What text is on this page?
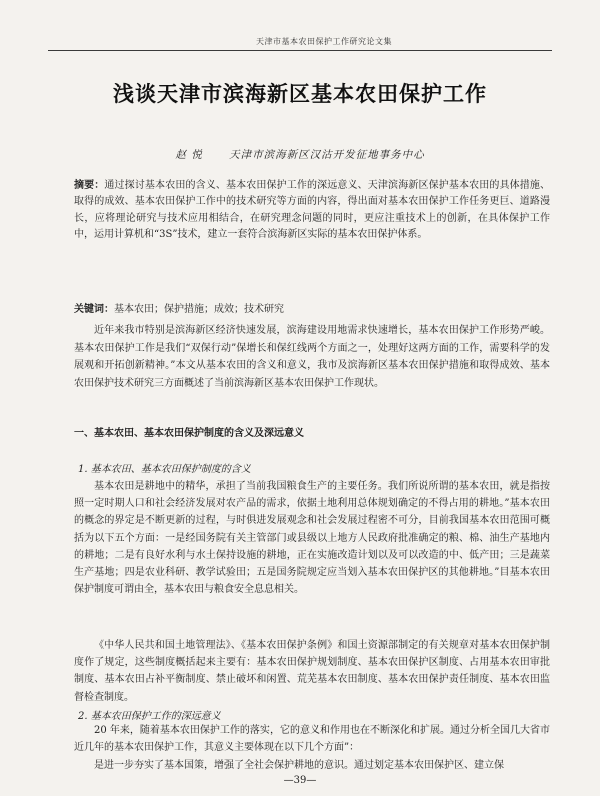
天津市基本农田保护工作研究论文集
浅谈天津市滨海新区基本农田保护工作
赵 悦	天津市滨海新区汉沽开发征地事务中心
摘要：通过探讨基本农田的含义、基本农田保护工作的深远意义、天津滨海新区保护基本农田的具体措施、取得的成效、基本农田保护工作中的技术研究等方面的内容，得出面对基本农田保护工作任务更巨、道路漫长，应将理论研究与技术应用相结合，在研究理念问题的同时，更应注重技术上的创新，在具体保护工作中，运用计算机和“3S”技术，建立一套符合滨海新区实际的基本农田保护体系。
关键词：基本农田；保护措施；成效；技术研究
近年来我市特别是滨海新区经济快速发展，滨海建设用地需求快速增长，基本农田保护工作形势严峻。基本农田保护工作是我们“双保行动”保增长和保红线两个方面之一，处理好这两方面的工作，需要科学的发展观和开拓创新精神。”本文从基本农田的含义和意义，我市及滨海新区基本农田保护措施和取得成效、基本农田保护技术研究三方面概述了当前滨海新区基本农田保护工作现状。
一、基本农田、基本农田保护制度的含义及深远意义
1. 基本农田、基本农田保护制度的含义
基本农田是耕地中的精华，承担了当前我国粮食生产的主要任务。我们所说所谓的基本农田，就是指按照一定时期人口和社会经济发展对农产品的需求，依据土地利用总体规划确定的不得占用的耕地。”基本农田的概念的界定是不断更新的过程，与时俱进发展观念和社会发展过程密不可分，目前我国基本农田范围可概括为以下五个方面：一是经国务院有关主管部门或县级以上地方人民政府批准确定的粮、棉、油生产基地内的耕地；二是有良好水利与水土保持设施的耕地，正在实施改造计划以及可以改造的中、低产田；三是蔬菜生产基地；四是农业科研、教学试验田；五是国务院规定应当划入基本农田保护区的其他耕地。”目基本农田保护制度可谓由全，基本农田与粮食安全息息相关。
《中华人民共和国土地管理法》、《基本农田保护条例》和国土资源部制定的有关规章对基本农田保护制度作了规定，这些制度概括起来主要有：基本农田保护规划制度、基本农田保护区制度、占用基本农田审批制度、基本农田占补平衡制度、禁止破坏和闲置、荒芜基本农田制度、基本农田保护责任制度、基本农田监督检查制度。
2. 基本农田保护工作的深远意义
20 年来，随着基本农田保护工作的落实，它的意义和作用也在不断深化和扩展。通过分析全国几大省市近几年的基本农田保护工作，其意义主要体现在以下几个方面”：
是进一步夯实了基本国策，增强了全社会保护耕地的意识。通过划定基本农田保护区、建立保
—39—
